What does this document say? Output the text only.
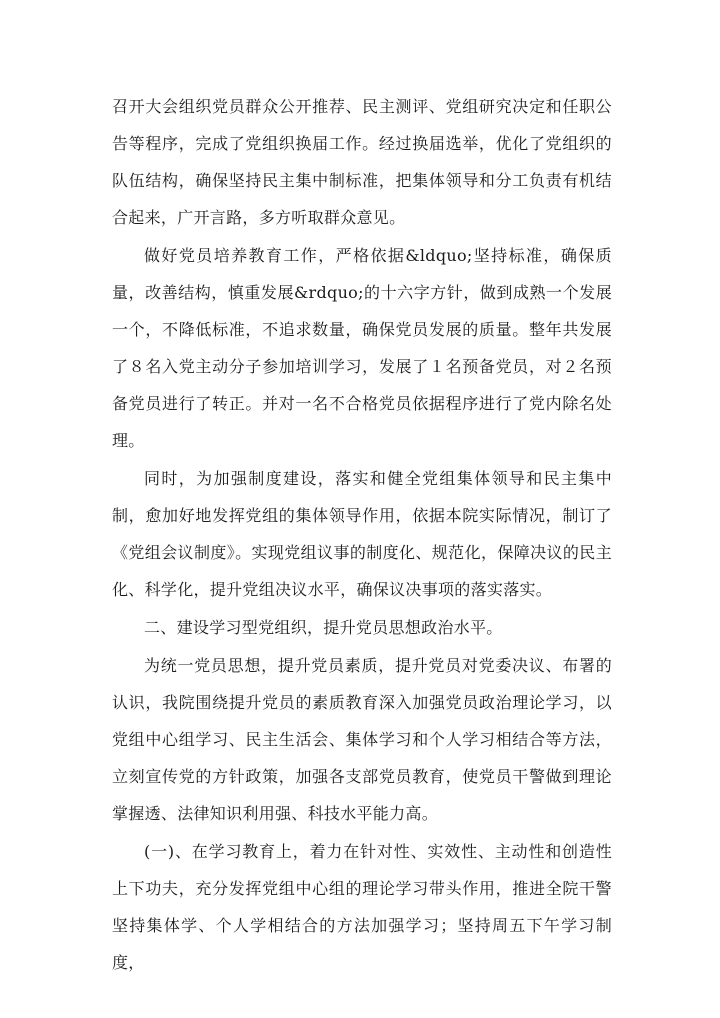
召开大会组织党员群众公开推荐、民主测评、党组研究决定和任职公告等程序，完成了党组织换届工作。经过换届选举，优化了党组织的队伍结构，确保坚持民主集中制标准，把集体领导和分工负责有机结合起来，广开言路，多方听取群众意见。

做好党员培养教育工作，严格依据&ldquo;坚持标准，确保质量，改善结构，慎重发展&rdquo;的十六字方针，做到成熟一个发展一个，不降低标准，不追求数量，确保党员发展的质量。整年共发展了８名入党主动分子参加培训学习，发展了１名预备党员，对２名预备党员进行了转正。并对一名不合格党员依据程序进行了党内除名处理。

同时，为加强制度建设，落实和健全党组集体领导和民主集中制，愈加好地发挥党组的集体领导作用，依据本院实际情况，制订了《党组会议制度》。实现党组议事的制度化、规范化，保障决议的民主化、科学化，提升党组决议水平，确保议决事项的落实落实。

二、建设学习型党组织，提升党员思想政治水平。

为统一党员思想，提升党员素质，提升党员对党委决议、布署的认识，我院围绕提升党员的素质教育深入加强党员政治理论学习，以党组中心组学习、民主生活会、集体学习和个人学习相结合等方法，立刻宣传党的方针政策，加强各支部党员教育，使党员干警做到理论掌握透、法律知识利用强、科技水平能力高。

(一)、在学习教育上，着力在针对性、实效性、主动性和创造性上下功夫，充分发挥党组中心组的理论学习带头作用，推进全院干警坚持集体学、个人学相结合的方法加强学习；坚持周五下午学习制度，
